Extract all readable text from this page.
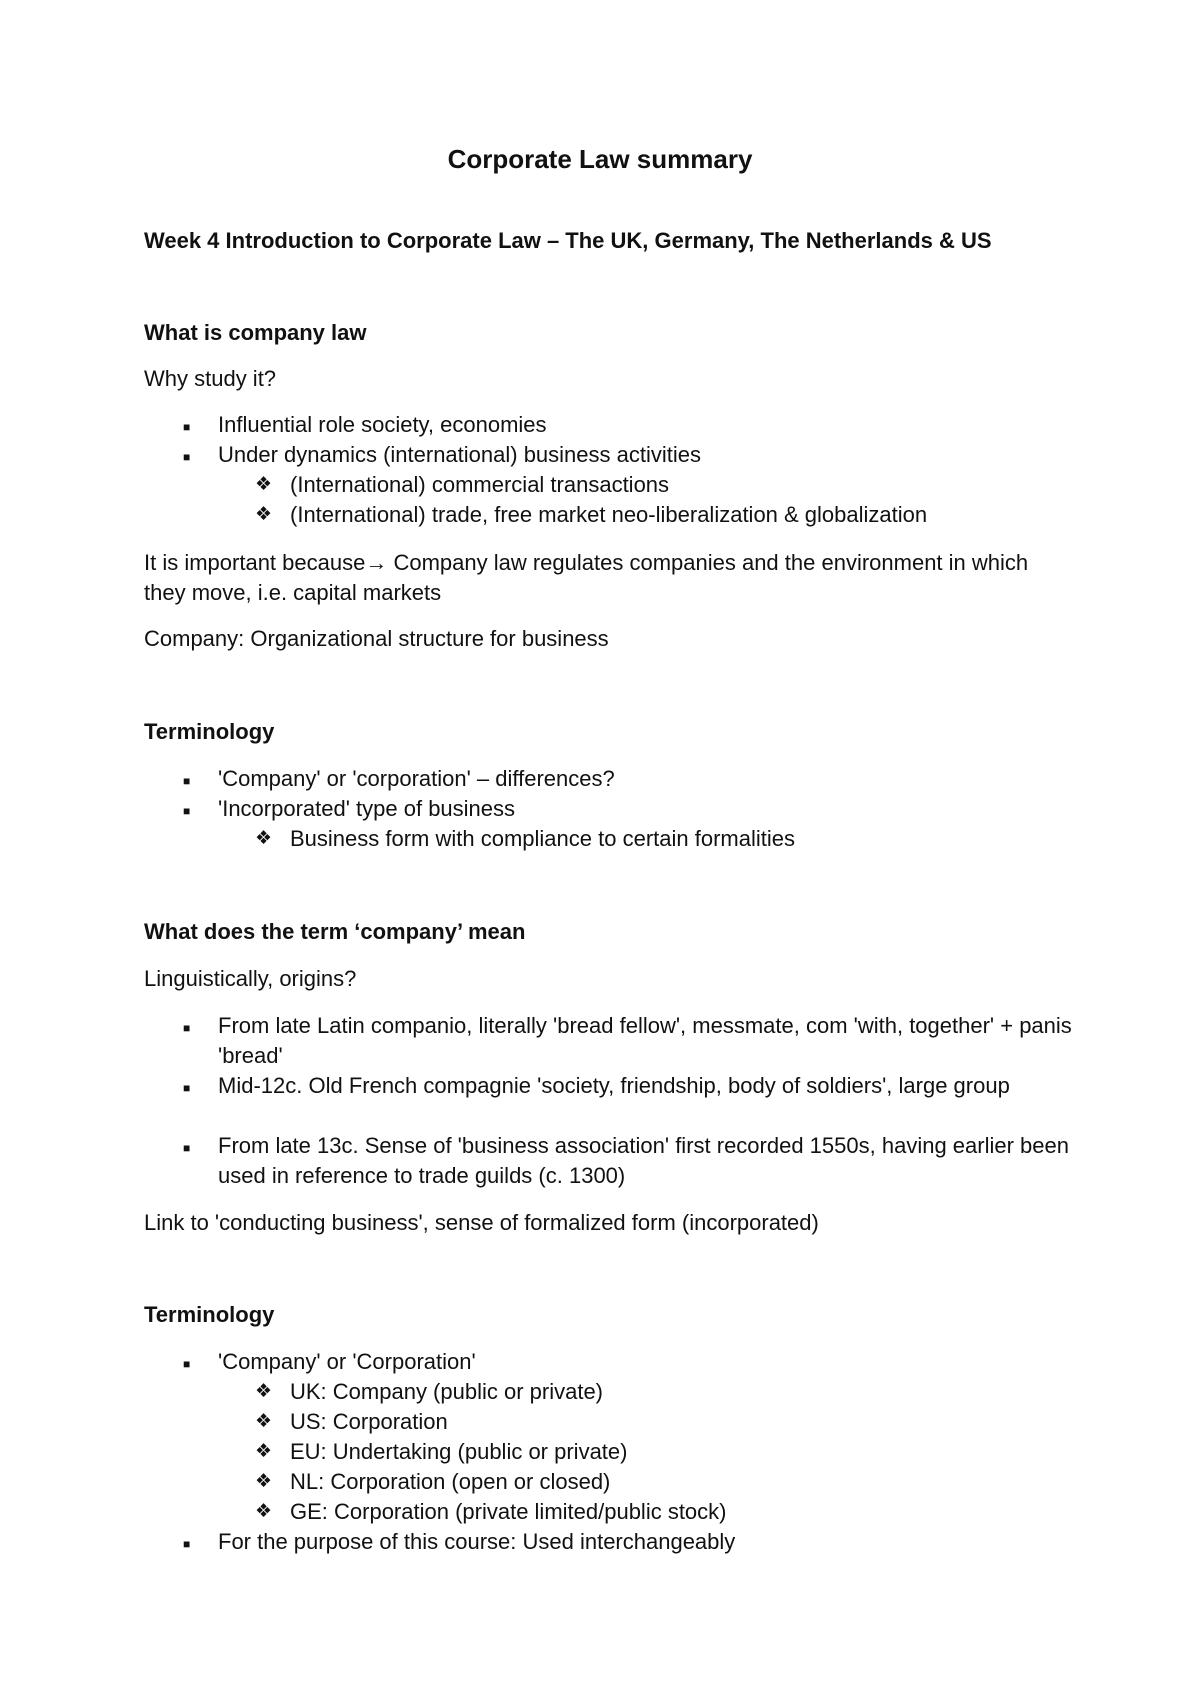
Corporate Law summary
Week 4 Introduction to Corporate Law – The UK, Germany, The Netherlands & US
What is company law
Why study it?
■ Influential role society, economies
■ Under dynamics (international) business activities
❖ (International) commercial transactions
❖ (International) trade, free market neo-liberalization & globalization
It is important because→ Company law regulates companies and the environment in which they move, i.e. capital markets
Company: Organizational structure for business
Terminology
■ 'Company' or 'corporation' – differences?
■ 'Incorporated' type of business
❖ Business form with compliance to certain formalities
What does the term ‘company’ mean
Linguistically, origins?
■ From late Latin companio, literally 'bread fellow', messmate, com 'with, together' + panis 'bread'
■ Mid-12c. Old French compagnie 'society, friendship, body of soldiers', large group
■ From late 13c. Sense of 'business association' first recorded 1550s, having earlier been used in reference to trade guilds (c. 1300)
Link to 'conducting business', sense of formalized form (incorporated)
Terminology
■ 'Company' or 'Corporation'
❖ UK: Company (public or private)
❖ US: Corporation
❖ EU: Undertaking (public or private)
❖ NL: Corporation (open or closed)
❖ GE: Corporation (private limited/public stock)
■ For the purpose of this course: Used interchangeably
